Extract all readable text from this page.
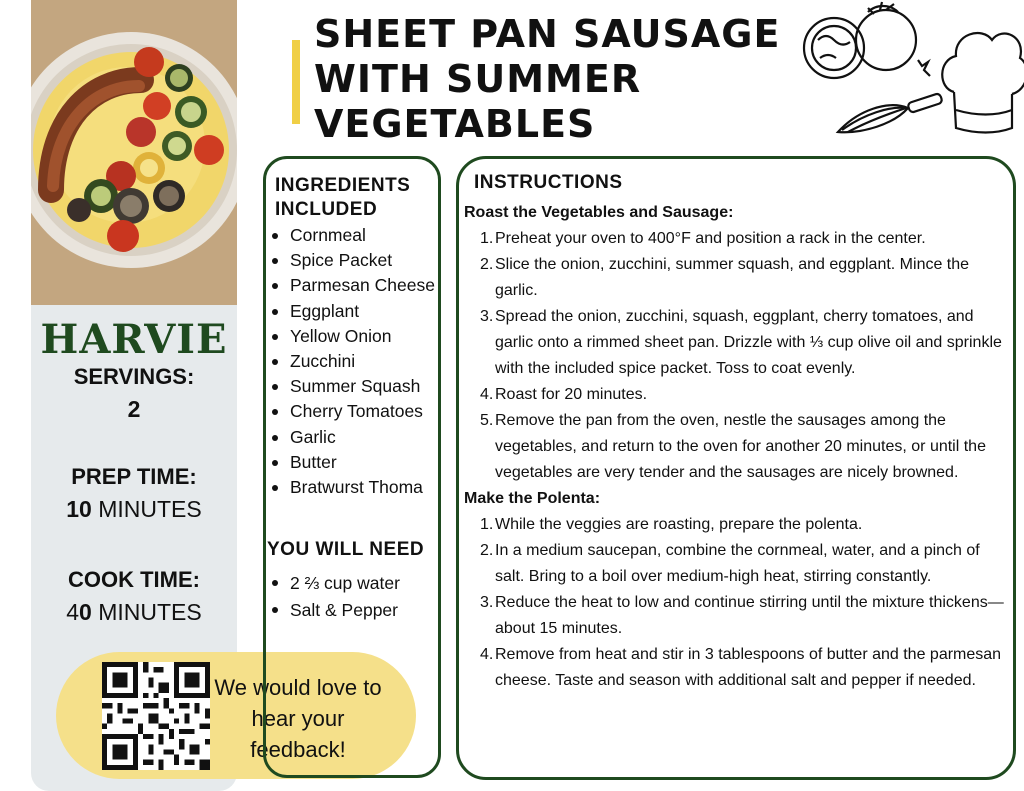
HARVIE
SERVINGS:
2
PREP TIME:
10 MINUTES
COOK TIME:
40 MINUTES
We would love to hear your feedback!
SHEET PAN SAUSAGE WITH SUMMER VEGETABLES
INGREDIENTS INCLUDED
Cornmeal
Spice Packet
Parmesan Cheese
Eggplant
Yellow Onion
Zucchini
Summer Squash
Cherry Tomatoes
Garlic
Butter
Bratwurst Thoma
YOU WILL NEED
2 ⅔ cup water
Salt & Pepper
INSTRUCTIONS
Roast the Vegetables and Sausage:
1. Preheat your oven to 400°F and position a rack in the center.
2. Slice the onion, zucchini, summer squash, and eggplant. Mince the garlic.
3. Spread the onion, zucchini, squash, eggplant, cherry tomatoes, and garlic onto a rimmed sheet pan. Drizzle with ⅓ cup olive oil and sprinkle with the included spice packet. Toss to coat evenly.
4. Roast for 20 minutes.
5. Remove the pan from the oven, nestle the sausages among the vegetables, and return to the oven for another 20 minutes, or until the vegetables are very tender and the sausages are nicely browned.
Make the Polenta:
1. While the veggies are roasting, prepare the polenta.
2. In a medium saucepan, combine the cornmeal, water, and a pinch of salt. Bring to a boil over medium-high heat, stirring constantly.
3. Reduce the heat to low and continue stirring until the mixture thickens—about 15 minutes.
4. Remove from heat and stir in 3 tablespoons of butter and the parmesan cheese. Taste and season with additional salt and pepper if needed.
